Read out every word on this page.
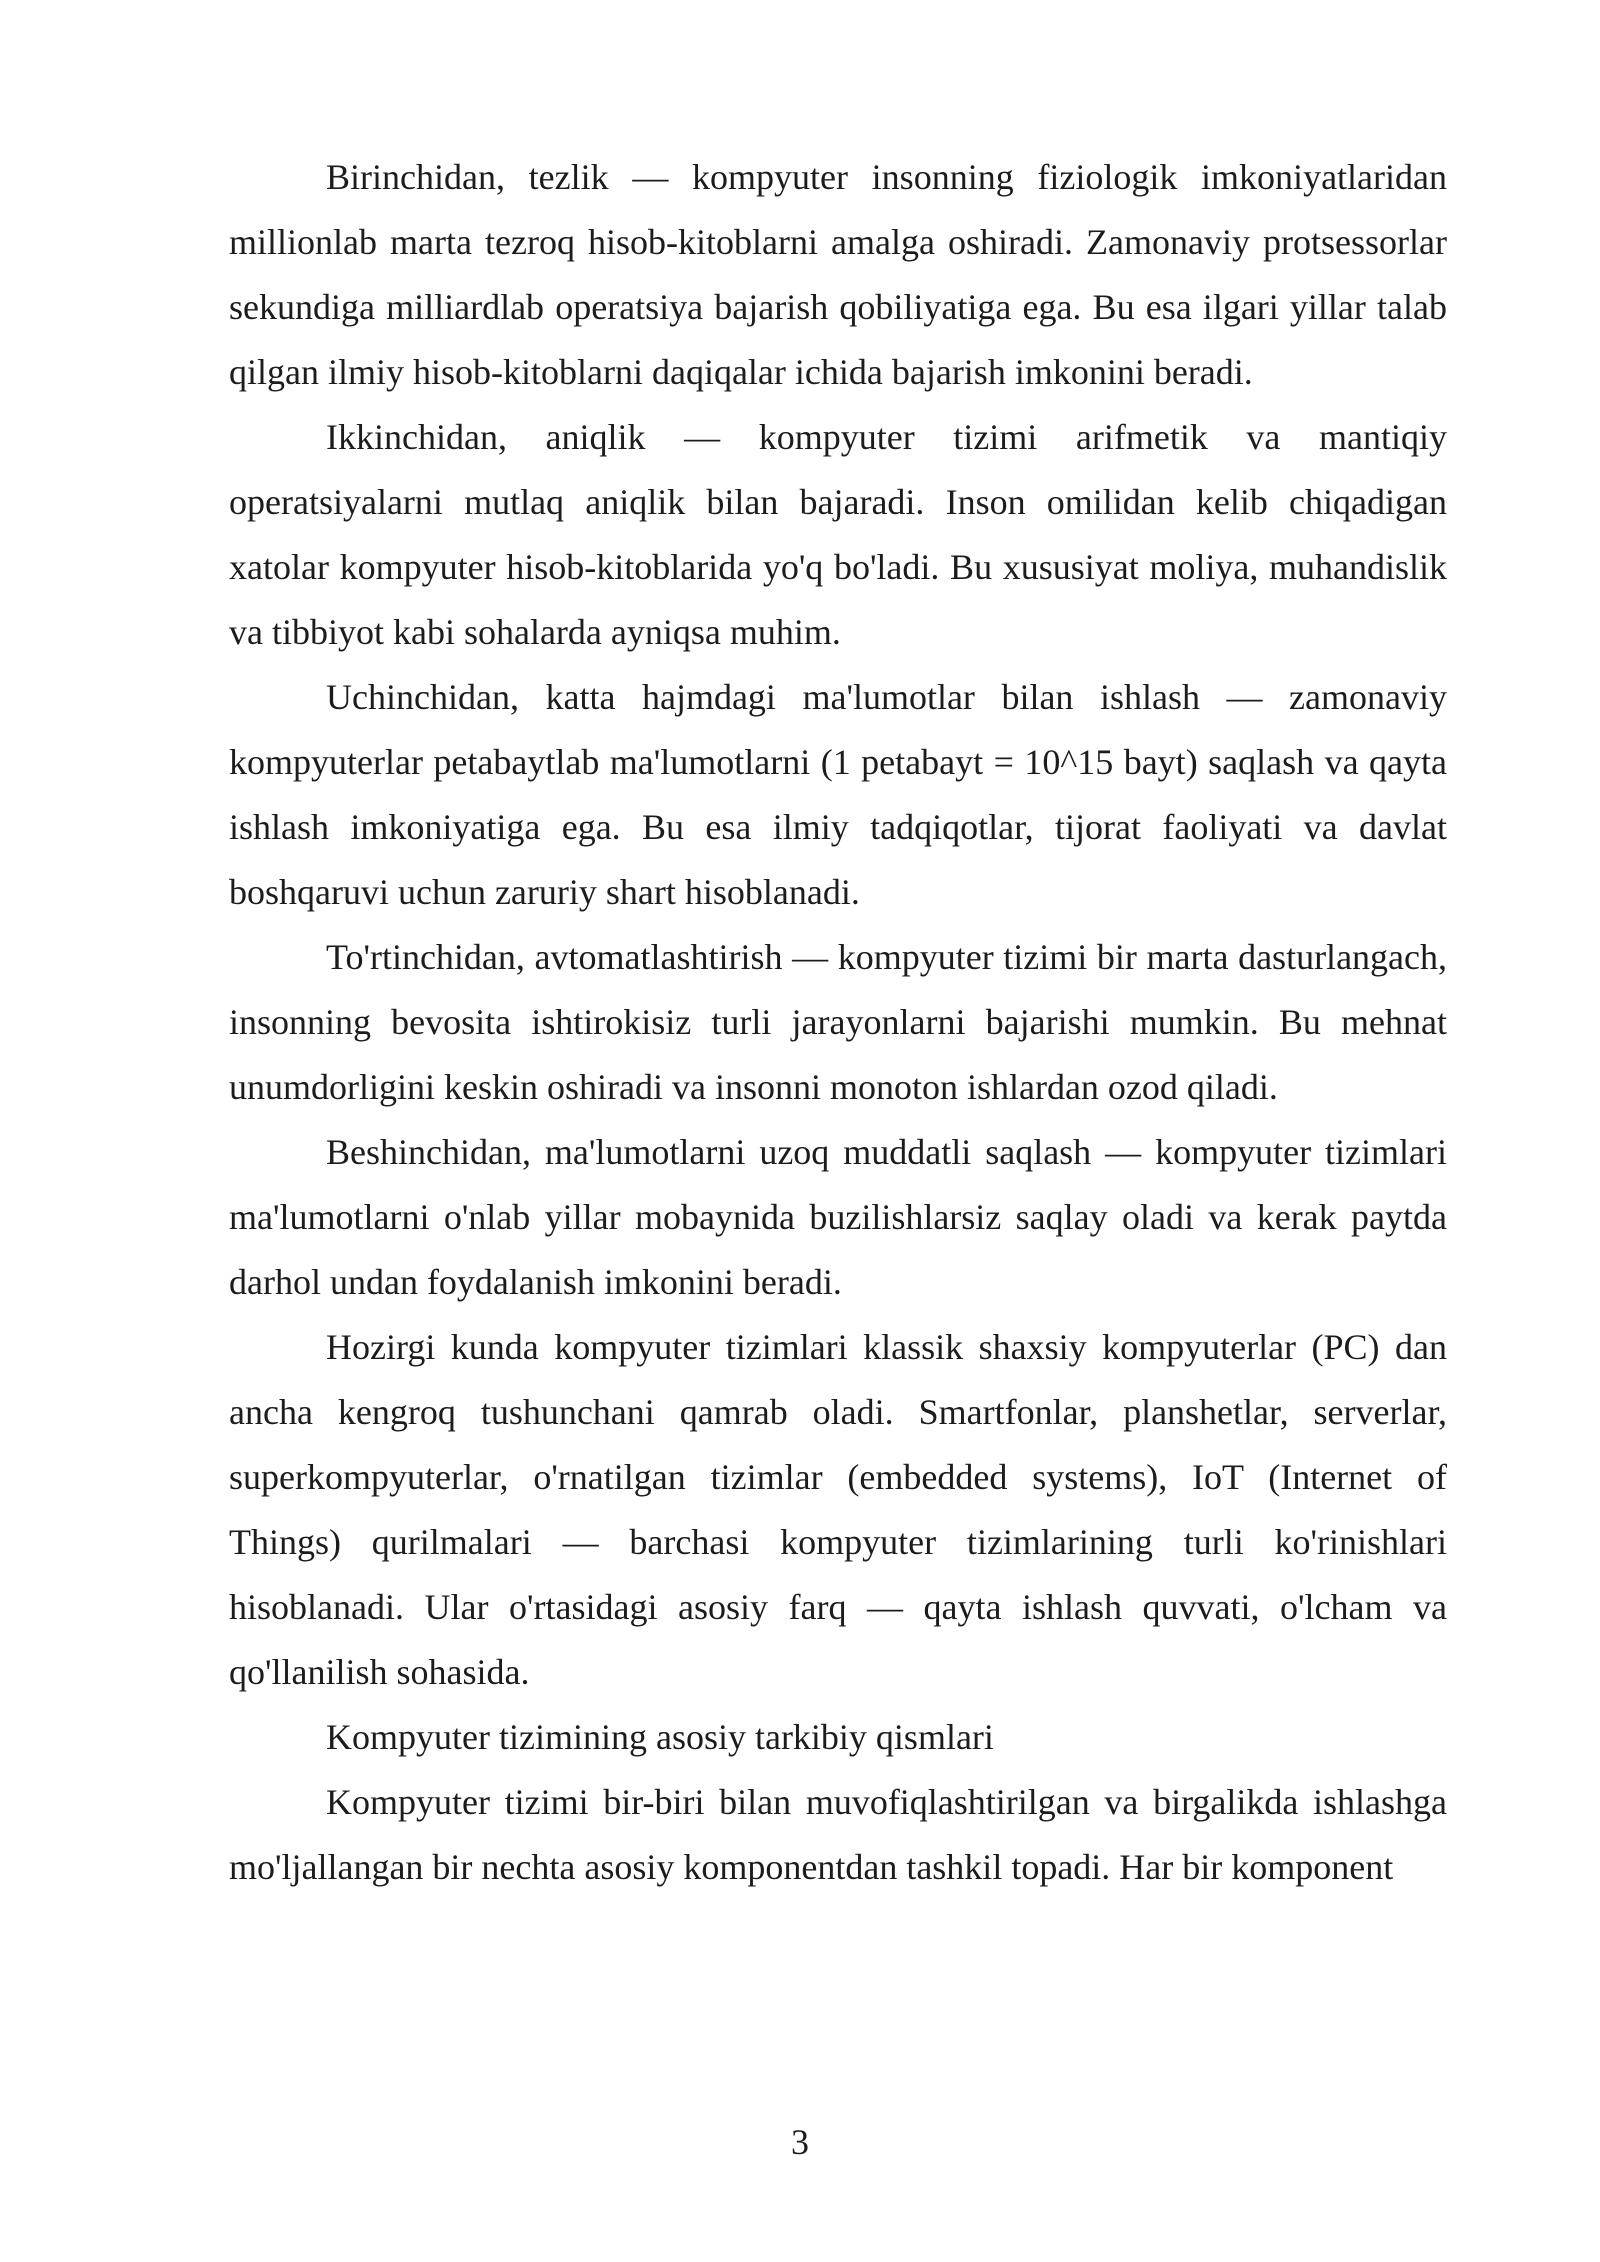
Birinchidan, tezlik — kompyuter insonning fiziologik imkoniyatlaridan millionlab marta tezroq hisob-kitoblarni amalga oshiradi. Zamonaviy protsessorlar sekundiga milliardlab operatsiya bajarish qobiliyatiga ega. Bu esa ilgari yillar talab qilgan ilmiy hisob-kitoblarni daqiqalar ichida bajarish imkonini beradi.

Ikkinchidan, aniqlik — kompyuter tizimi arifmetik va mantiqiy operatsiyalarni mutlaq aniqlik bilan bajaradi. Inson omilidan kelib chiqadigan xatolar kompyuter hisob-kitoblarida yo'q bo'ladi. Bu xususiyat moliya, muhandislik va tibbiyot kabi sohalarda ayniqsa muhim.

Uchinchidan, katta hajmdagi ma'lumotlar bilan ishlash — zamonaviy kompyuterlar petabaytlab ma'lumotlarni (1 petabayt = 10^15 bayt) saqlash va qayta ishlash imkoniyatiga ega. Bu esa ilmiy tadqiqotlar, tijorat faoliyati va davlat boshqaruvi uchun zaruriy shart hisoblanadi.

To'rtinchidan, avtomatlashtirish — kompyuter tizimi bir marta dasturlangach, insonning bevosita ishtirokisiz turli jarayonlarni bajarishi mumkin. Bu mehnat unumdorligini keskin oshiradi va insonni monoton ishlardan ozod qiladi.

Beshinchidan, ma'lumotlarni uzoq muddatli saqlash — kompyuter tizimlari ma'lumotlarni o'nlab yillar mobaynida buzilishlarsiz saqlay oladi va kerak paytda darhol undan foydalanish imkonini beradi.

Hozirgi kunda kompyuter tizimlari klassik shaxsiy kompyuterlar (PC) dan ancha kengroq tushunchani qamrab oladi. Smartfonlar, planshetlar, serverlar, superkompyuterlar, o'rnatilgan tizimlar (embedded systems), IoT (Internet of Things) qurilmalari — barchasi kompyuter tizimlarining turli ko'rinishlari hisoblanadi. Ular o'rtasidagi asosiy farq — qayta ishlash quvvati, o'lcham va qo'llanilish sohasida.

Kompyuter tizimining asosiy tarkibiy qismlari

Kompyuter tizimi bir-biri bilan muvofiqlashtirilgan va birgalikda ishlashga mo'ljallangan bir nechta asosiy komponentdan tashkil topadi. Har bir komponent

3
